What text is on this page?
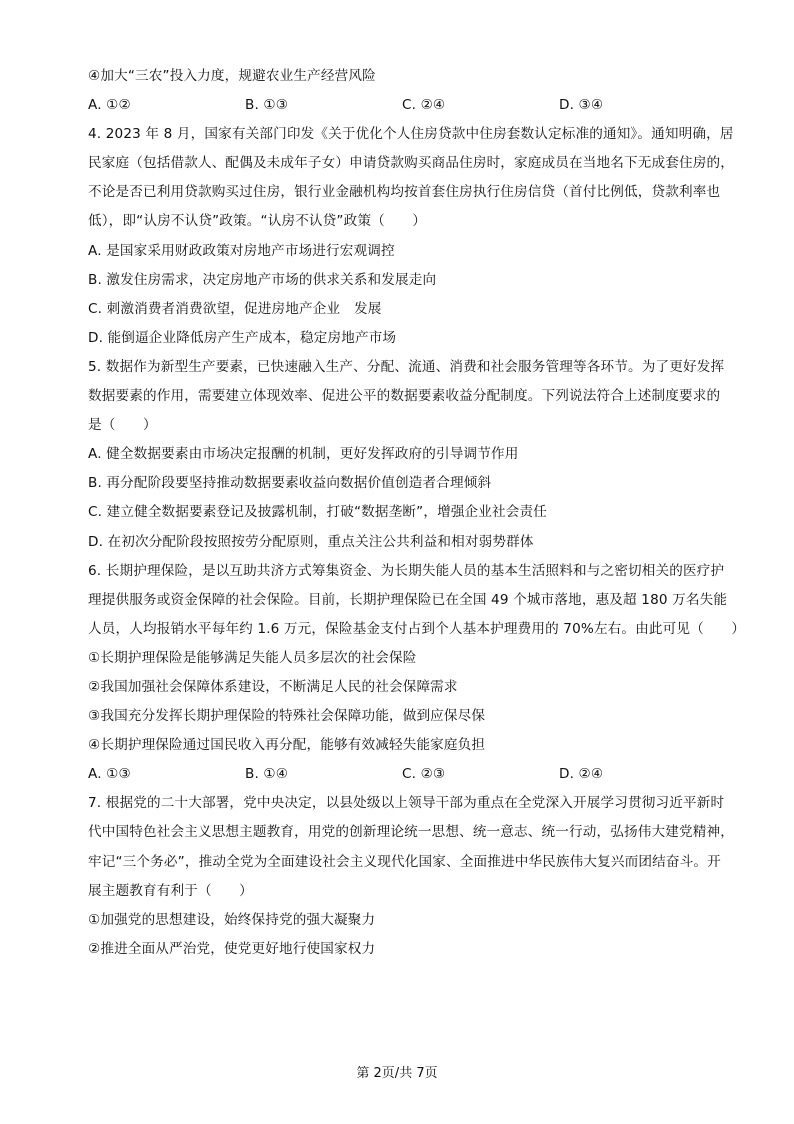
④加大“三农”投入力度，规避农业生产经营风险
A. ①②	B. ①③	C. ②④	D. ③④
4. 2023 年 8 月，国家有关部门印发《关于优化个人住房贷款中住房套数认定标准的通知》。通知明确，居
民家庭（包括借款人、配偶及未成年子女）申请贷款购买商品住房时，家庭成员在当地名下无成套住房的，
不论是否已利用贷款购买过住房，银行业金融机构均按首套住房执行住房信贷（首付比例低，贷款利率也
低），即“认房不认贷”政策。“认房不认贷”政策（　　）
A. 是国家采用财政政策对房地产市场进行宏观调控
B. 激发住房需求，决定房地产市场的供求关系和发展走向
C. 刺激消费者消费欲望，促进房地产企业　发展
D. 能倒逼企业降低房产生产成本，稳定房地产市场
5. 数据作为新型生产要素，已快速融入生产、分配、流通、消费和社会服务管理等各环节。为了更好发挥
数据要素的作用，需要建立体现效率、促进公平的数据要素收益分配制度。下列说法符合上述制度要求的
是（　　）
A. 健全数据要素由市场决定报酬的机制，更好发挥政府的引导调节作用
B. 再分配阶段要坚持推动数据要素收益向数据价值创造者合理倾斜
C. 建立健全数据要素登记及披露机制，打破“数据垄断”，增强企业社会责任
D. 在初次分配阶段按照按劳分配原则，重点关注公共利益和相对弱势群体
6. 长期护理保险，是以互助共济方式筹集资金、为长期失能人员的基本生活照料和与之密切相关的医疗护
理提供服务或资金保障的社会保险。目前，长期护理保险已在全国 49 个城市落地，惠及超 180 万名失能
人员，人均报销水平每年约 1.6 万元，保险基金支付占到个人基本护理费用的 70%左右。由此可见（　　）
①长期护理保险是能够满足失能人员多层次的社会保险
②我国加强社会保障体系建设，不断满足人民的社会保障需求
③我国充分发挥长期护理保险的特殊社会保障功能，做到应保尽保
④长期护理保险通过国民收入再分配，能够有效减轻失能家庭负担
A. ①③	B. ①④	C. ②③	D. ②④
7. 根据党的二十大部署，党中央决定，以县处级以上领导干部为重点在全党深入开展学习贯彻习近平新时
代中国特色社会主义思想主题教育，用党的创新理论统一思想、统一意志、统一行动，弘扬伟大建党精神，
牢记“三个务必”，推动全党为全面建设社会主义现代化国家、全面推进中华民族伟大复兴而团结奋斗。开
展主题教育有利于（　　）
①加强党的思想建设，始终保持党的强大凝聚力
②推进全面从严治党，使党更好地行使国家权力
第 2页/共 7页
